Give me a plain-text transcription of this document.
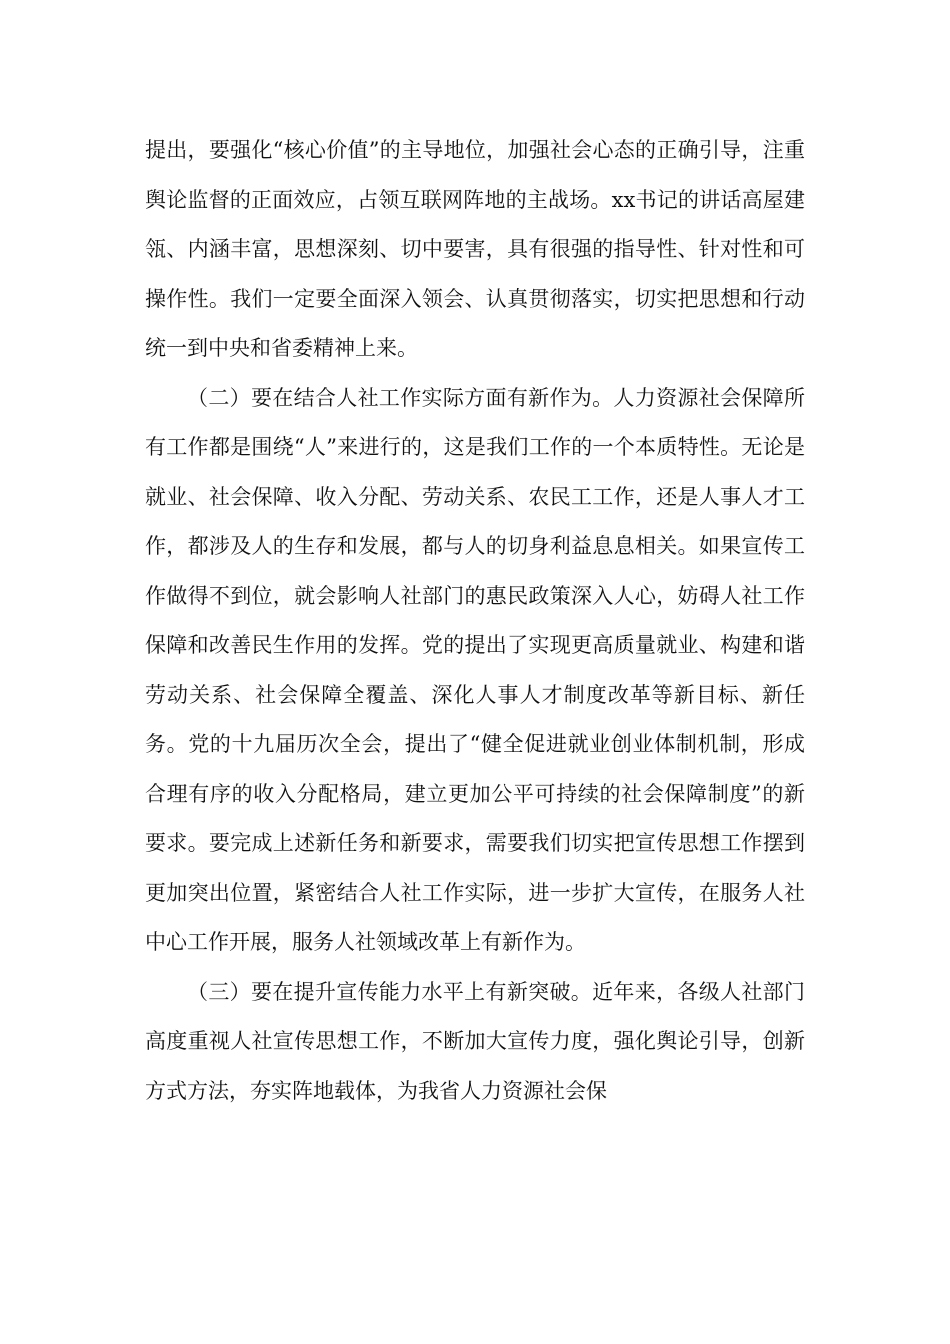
提出，要强化“核心价值”的主导地位，加强社会心态的正确引导，注重舆论监督的正面效应，占领互联网阵地的主战场。xx书记的讲话高屋建瓴、内涵丰富，思想深刻、切中要害，具有很强的指导性、针对性和可操作性。我们一定要全面深入领会、认真贯彻落实，切实把思想和行动统一到中央和省委精神上来。

（二）要在结合人社工作实际方面有新作为。人力资源社会保障所有工作都是围绕“人”来进行的，这是我们工作的一个本质特性。无论是就业、社会保障、收入分配、劳动关系、农民工工作，还是人事人才工作，都涉及人的生存和发展，都与人的切身利益息息相关。如果宣传工作做得不到位，就会影响人社部门的惠民政策深入人心，妨碍人社工作保障和改善民生作用的发挥。党的提出了实现更高质量就业、构建和谐劳动关系、社会保障全覆盖、深化人事人才制度改革等新目标、新任务。党的十九届历次全会，提出了“健全促进就业创业体制机制，形成合理有序的收入分配格局，建立更加公平可持续的社会保障制度”的新要求。要完成上述新任务和新要求，需要我们切实把宣传思想工作摆到更加突出位置，紧密结合人社工作实际，进一步扩大宣传，在服务人社中心工作开展，服务人社领域改革上有新作为。

（三）要在提升宣传能力水平上有新突破。近年来，各级人社部门高度重视人社宣传思想工作，不断加大宣传力度，强化舆论引导，创新方式方法，夯实阵地载体，为我省人力资源社会保
